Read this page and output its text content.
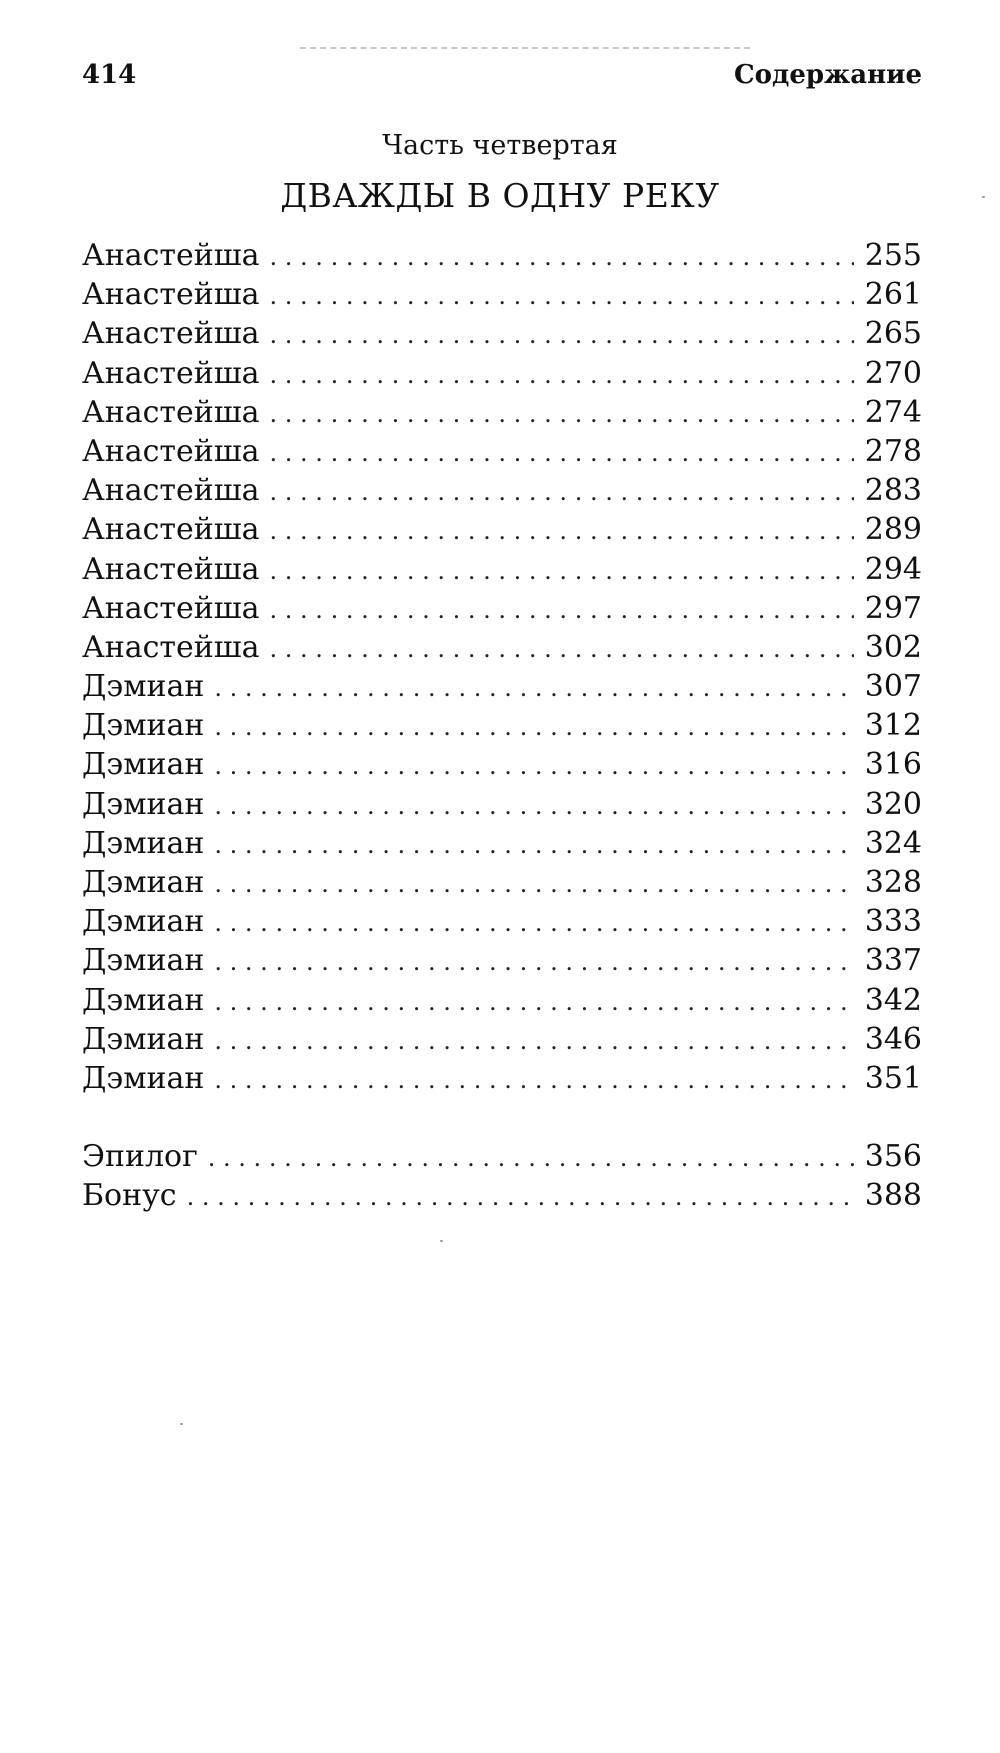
414	Содержание
Часть четвертая
ДВАЖДЫ В ОДНУ РЕКУ
Анастейша . . .	255
Анастейша . . .	261
Анастейша . . .	265
Анастейша . . .	270
Анастейша . . .	274
Анастейша . . .	278
Анастейша . . .	283
Анастейша . . .	289
Анастейша . . .	294
Анастейша . . .	297
Анастейша . . .	302
Дэмиан . . .	307
Дэмиан . . .	312
Дэмиан . . .	316
Дэмиан . . .	320
Дэмиан . . .	324
Дэмиан . . .	328
Дэмиан . . .	333
Дэмиан . . .	337
Дэмиан . . .	342
Дэмиан . . .	346
Дэмиан . . .	351
Эпилог . . .	356
Бонус . . .	388
